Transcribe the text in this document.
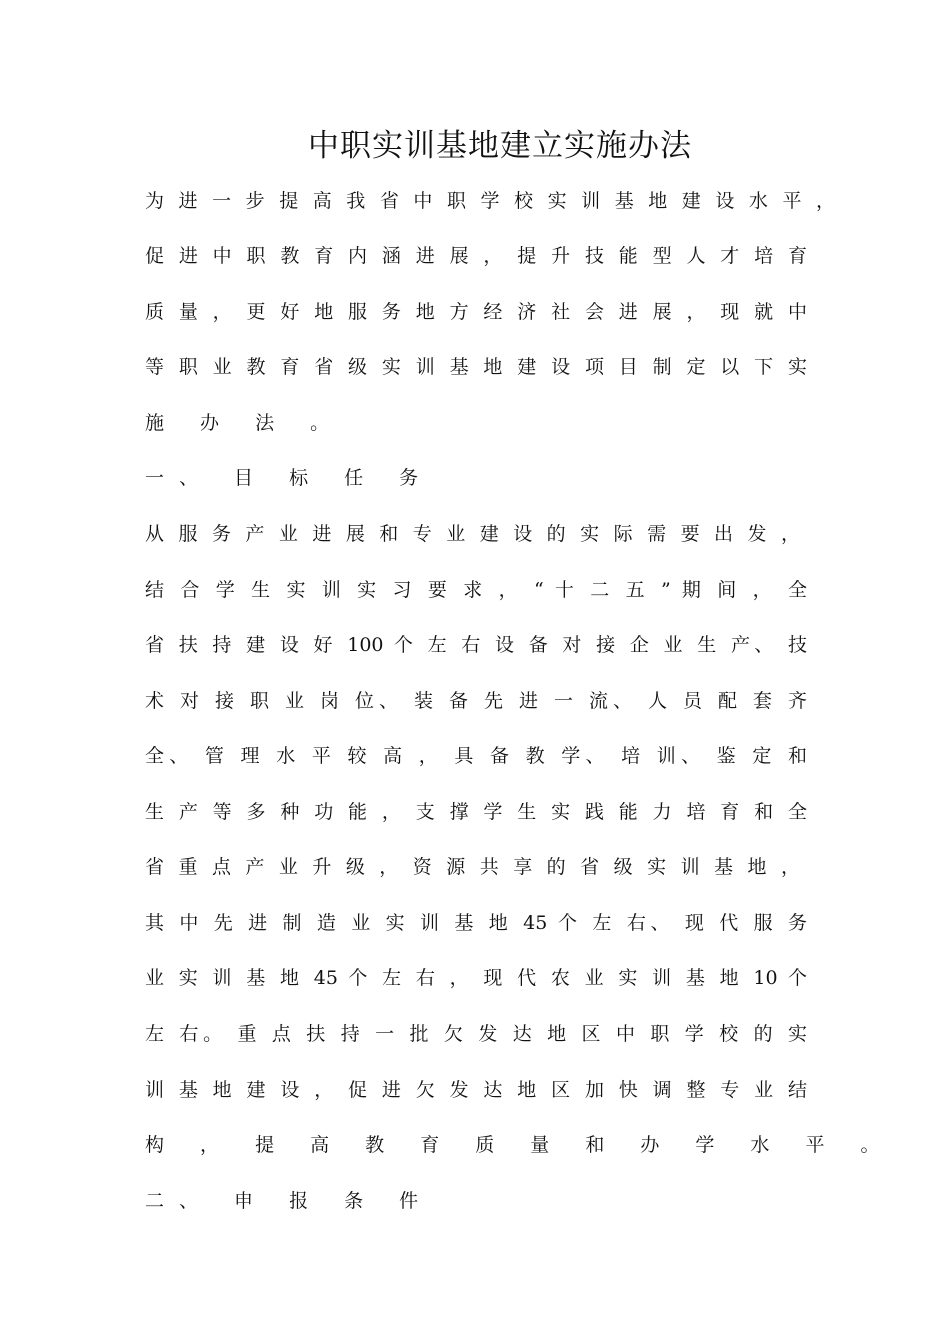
中职实训基地建立实施办法
为 进 一 步 提 高 我 省 中 职 学 校 实 训 基 地 建 设 水 平 ，
促 进 中 职 教 育 内 涵 进 展 ， 提 升 技 能 型 人 才 培 育
质 量 ， 更 好 地 服 务 地 方 经 济 社 会 进 展 ， 现 就 中
等 职 业 教 育 省 级 实 训 基 地 建 设 项 目 制 定 以 下 实
施 办 法 。
一、 目 标 任 务
从 服 务 产 业 进 展 和 专 业 建 设 的 实 际 需 要 出 发 ，
结 合 学 生 实 训 实 习 要 求 ， “ 十 二 五 ” 期 间 ， 全
省 扶 持 建 设 好 100 个 左 右 设 备 对 接 企 业 生 产、 技
术 对 接 职 业 岗 位、 装 备 先 进 一 流、 人 员 配 套 齐
全、 管 理 水 平 较 高 ， 具 备 教 学、 培 训、 鉴 定 和
生 产 等 多 种 功 能 ， 支 撑 学 生 实 践 能 力 培 育 和 全
省 重 点 产 业 升 级 ， 资 源 共 享 的 省 级 实 训 基 地 ，
其 中 先 进 制 造 业 实 训 基 地 45 个 左 右、 现 代 服 务
业 实 训 基 地 45 个 左 右 ， 现 代 农 业 实 训 基 地 10 个
左 右。 重 点 扶 持 一 批 欠 发 达 地 区 中 职 学 校 的 实
训 基 地 建 设 ， 促 进 欠 发 达 地 区 加 快 调 整 专 业 结
构 ， 提 高 教 育 质 量 和 办 学 水 平 。
二、 申 报 条 件
